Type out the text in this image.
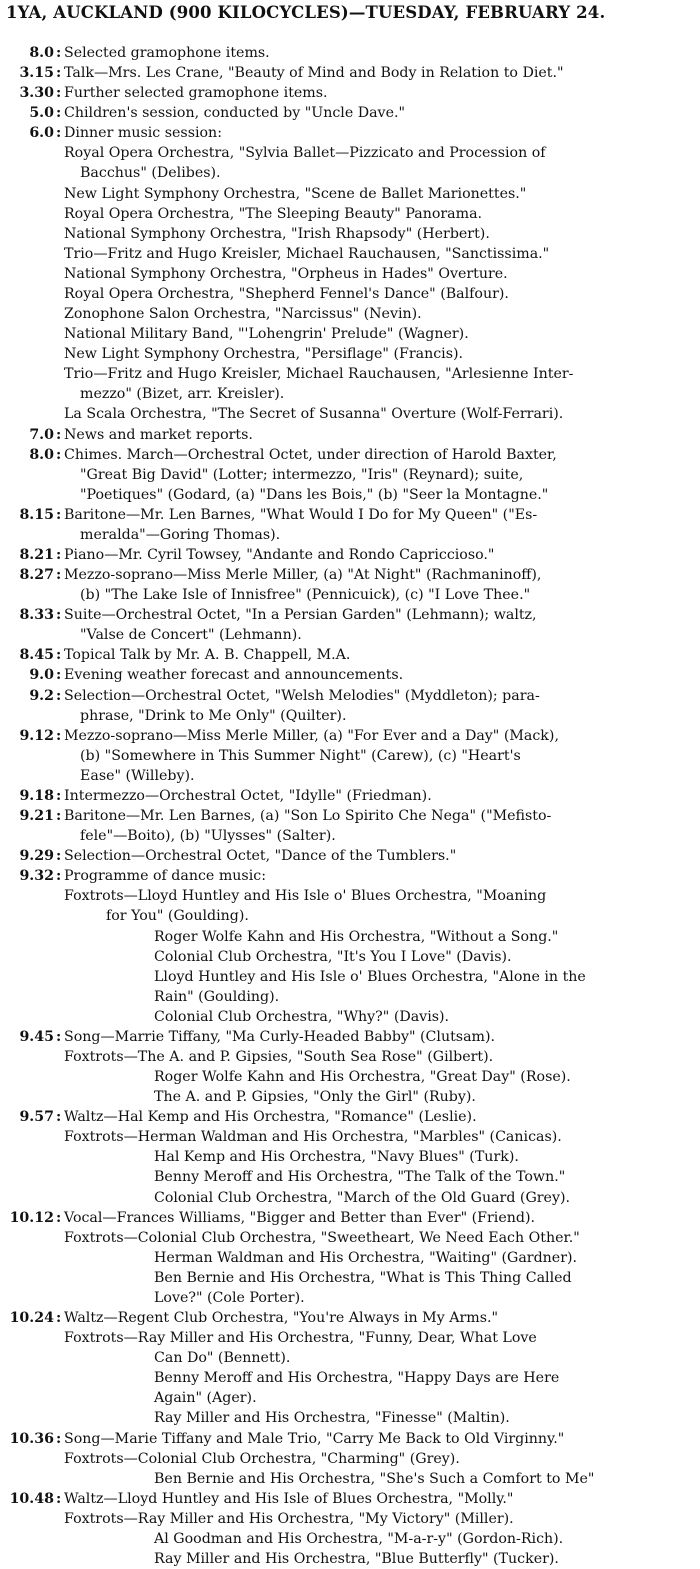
1YA, AUCKLAND (900 KILOCYCLES)—TUESDAY, FEBRUARY 24.
8.0 : Selected gramophone items.
3.15 : Talk—Mrs. Les Crane, "Beauty of Mind and Body in Relation to Diet."
3.30 : Further selected gramophone items.
5.0 : Children's session, conducted by "Uncle Dave."
6.0 : Dinner music session:
Royal Opera Orchestra, "Sylvia Ballet—Pizzicato and Procession of
Bacchus" (Delibes).
New Light Symphony Orchestra, "Scene de Ballet Marionettes."
Royal Opera Orchestra, "The Sleeping Beauty" Panorama.
National Symphony Orchestra, "Irish Rhapsody" (Herbert).
Trio—Fritz and Hugo Kreisler, Michael Rauchausen, "Sanctissima."
National Symphony Orchestra, "Orpheus in Hades" Overture.
Royal Opera Orchestra, "Shepherd Fennel's Dance" (Balfour).
Zonophone Salon Orchestra, "Narcissus" (Nevin).
National Military Band, "'Lohengrin' Prelude" (Wagner).
New Light Symphony Orchestra, "Persiflage" (Francis).
Trio—Fritz and Hugo Kreisler, Michael Rauchausen, "Arlesienne Inter-
mezzo" (Bizet, arr. Kreisler).
La Scala Orchestra, "The Secret of Susanna" Overture (Wolf-Ferrari).
7.0 : News and market reports.
8.0 : Chimes. March—Orchestral Octet, under direction of Harold Baxter,
"Great Big David" (Lotter; intermezzo, "Iris" (Reynard); suite,
"Poetiques" (Godard, (a) "Dans les Bois," (b) "Seer la Montagne."
8.15 : Baritone—Mr. Len Barnes, "What Would I Do for My Queen" ("Es-
meralda"—Goring Thomas).
8.21 : Piano—Mr. Cyril Towsey, "Andante and Rondo Capriccioso."
8.27 : Mezzo-soprano—Miss Merle Miller, (a) "At Night" (Rachmaninoff),
(b) "The Lake Isle of Innisfree" (Pennicuick), (c) "I Love Thee."
8.33 : Suite—Orchestral Octet, "In a Persian Garden" (Lehmann); waltz,
"Valse de Concert" (Lehmann).
8.45 : Topical Talk by Mr. A. B. Chappell, M.A.
9.0 : Evening weather forecast and announcements.
9.2 : Selection—Orchestral Octet, "Welsh Melodies" (Myddleton); para-
phrase, "Drink to Me Only" (Quilter).
9.12 : Mezzo-soprano—Miss Merle Miller, (a) "For Ever and a Day" (Mack),
(b) "Somewhere in This Summer Night" (Carew), (c) "Heart's
Ease" (Willeby).
9.18 : Intermezzo—Orchestral Octet, "Idylle" (Friedman).
9.21 : Baritone—Mr. Len Barnes, (a) "Son Lo Spirito Che Nega" ("Mefisto-
fele"—Boito), (b) "Ulysses" (Salter).
9.29 : Selection—Orchestral Octet, "Dance of the Tumblers."
9.32 : Programme of dance music:
Foxtrots—Lloyd Huntley and His Isle o' Blues Orchestra, "Moaning
for You" (Goulding).
Roger Wolfe Kahn and His Orchestra, "Without a Song."
Colonial Club Orchestra, "It's You I Love" (Davis).
Lloyd Huntley and His Isle o' Blues Orchestra, "Alone in the
Rain" (Goulding).
Colonial Club Orchestra, "Why?" (Davis).
9.45 : Song—Marrie Tiffany, "Ma Curly-Headed Babby" (Clutsam).
Foxtrots—The A. and P. Gipsies, "South Sea Rose" (Gilbert).
Roger Wolfe Kahn and His Orchestra, "Great Day" (Rose).
The A. and P. Gipsies, "Only the Girl" (Ruby).
9.57 : Waltz—Hal Kemp and His Orchestra, "Romance" (Leslie).
Foxtrots—Herman Waldman and His Orchestra, "Marbles" (Canicas).
Hal Kemp and His Orchestra, "Navy Blues" (Turk).
Benny Meroff and His Orchestra, "The Talk of the Town."
Colonial Club Orchestra, "March of the Old Guard (Grey).
10.12 : Vocal—Frances Williams, "Bigger and Better than Ever" (Friend).
Foxtrots—Colonial Club Orchestra, "Sweetheart, We Need Each Other."
Herman Waldman and His Orchestra, "Waiting" (Gardner).
Ben Bernie and His Orchestra, "What is This Thing Called
Love?" (Cole Porter).
10.24 : Waltz—Regent Club Orchestra, "You're Always in My Arms."
Foxtrots—Ray Miller and His Orchestra, "Funny, Dear, What Love
Can Do" (Bennett).
Benny Meroff and His Orchestra, "Happy Days are Here
Again" (Ager).
Ray Miller and His Orchestra, "Finesse" (Maltin).
10.36 : Song—Marie Tiffany and Male Trio, "Carry Me Back to Old Virginny."
Foxtrots—Colonial Club Orchestra, "Charming" (Grey).
Ben Bernie and His Orchestra, "She's Such a Comfort to Me"
10.48 : Waltz—Lloyd Huntley and His Isle of Blues Orchestra, "Molly."
Foxtrots—Ray Miller and His Orchestra, "My Victory" (Miller).
Al Goodman and His Orchestra, "M-a-r-y" (Gordon-Rich).
Ray Miller and His Orchestra, "Blue Butterfly" (Tucker).
